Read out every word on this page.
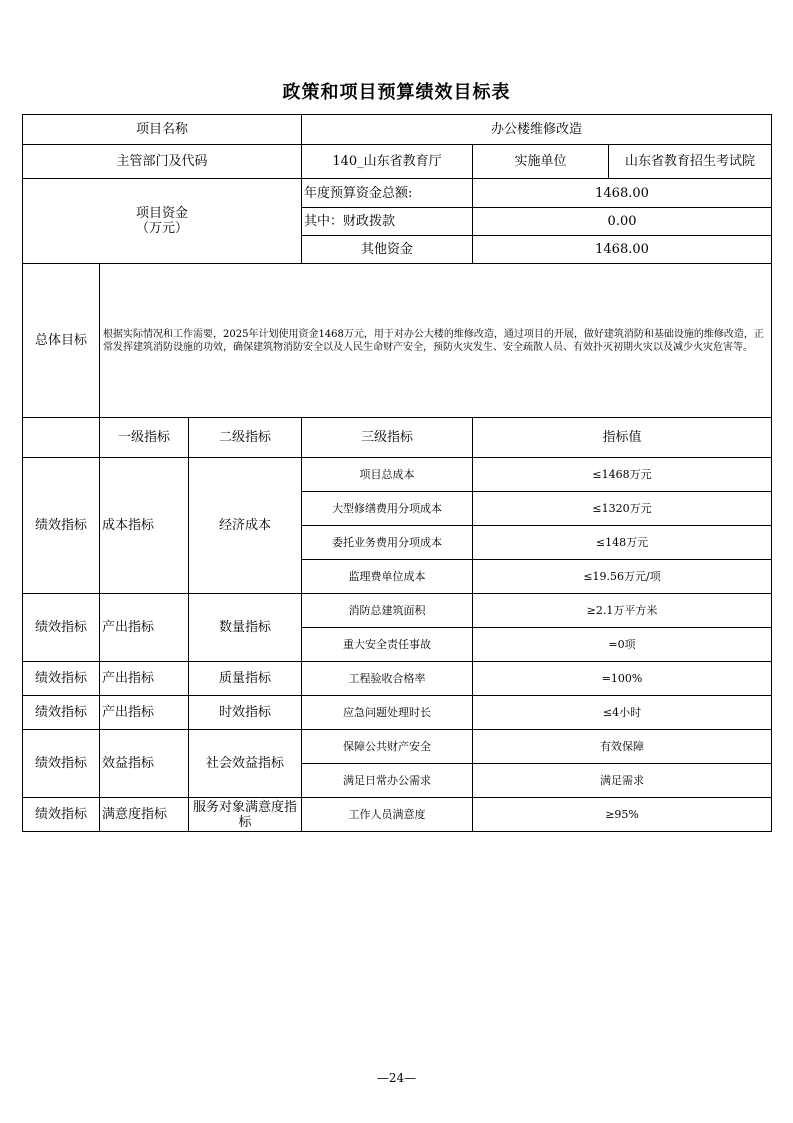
政策和项目预算绩效目标表
项目名称			办公楼维修改造		
主管部门及代码			140_山东省教育厅	实施单位	山东省教育招生考试院

项目资金
（万元）			年度预算资金总额:	1468.00	
			其中：财政拨款	0.00	
			其他资金	1468.00	
总体目标	根据实际情况和工作需要，2025年计划使用资金1468万元，用于对办公大楼的维修改造，通过项目的开展，做好建筑消防和基础设施的维修改造，正常发挥建筑消防设施的功效，确保建筑物消防安全以及人民生命财产安全，预防火灾发生、安全疏散人员、有效扑灭初期火灾以及减少火灾危害等。				
	一级指标	二级指标	三级指标	指标值	
绩效指标	成本指标	经济成本	项目总成本	≤1468万元	
			大型修缮费用分项成本	≤1320万元	
			委托业务费用分项成本	≤148万元	
			监理费单位成本	≤19.56万元/项	
绩效指标	产出指标	数量指标	消防总建筑面积	≥2.1万平方米	
			重大安全责任事故	=0项	
绩效指标	产出指标	质量指标	工程验收合格率	=100%	
绩效指标	产出指标	时效指标	应急问题处理时长	≤4小时	
绩效指标	效益指标	社会效益指标	保障公共财产安全	有效保障	
			满足日常办公需求	满足需求	
绩效指标	满意度指标	服务对象满意度指标	工作人员满意度	≥95%	
—24—
